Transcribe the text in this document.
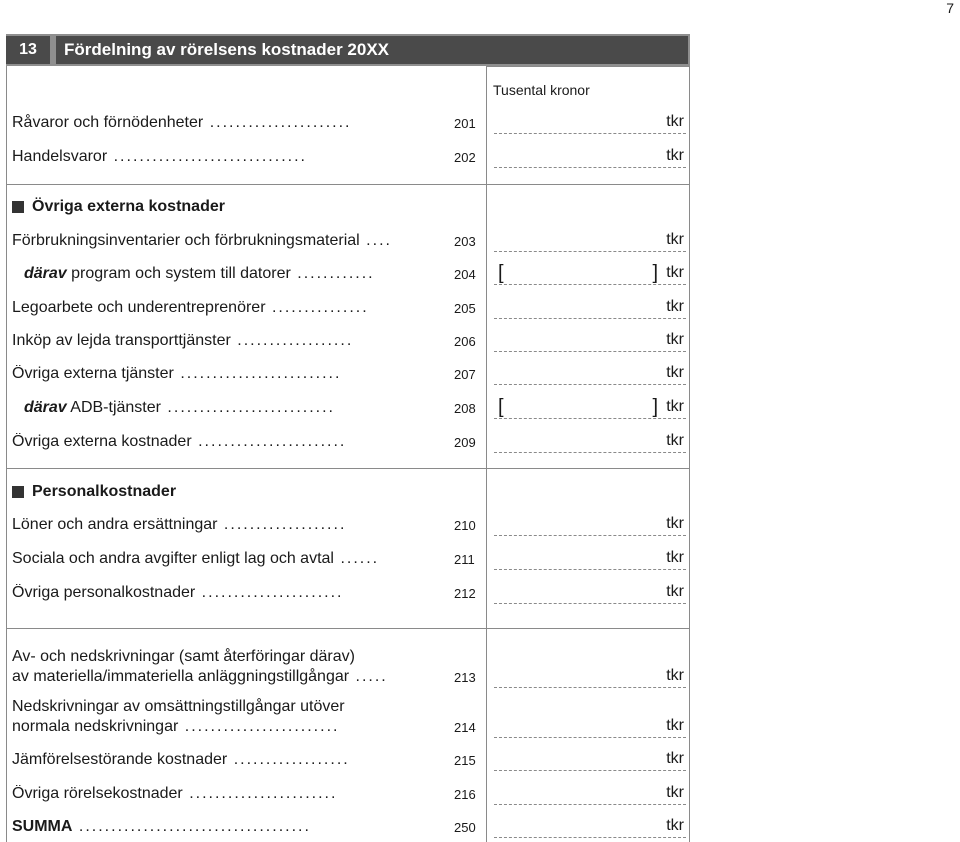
7
13	Fördelning av rörelsens kostnader 20XX
Tusental kronor
Råvaror och förnödenheter ......................	201	tkr
Handelsvaror ..............................	202	tkr
Övriga externa kostnader
Förbrukningsinventarier och förbrukningsmaterial ....	203	tkr
därav program och system till datorer ............	204 [	] tkr
Legoarbete och underentreprenörer ...............	205	tkr
Inköp av lejda transporttjänster ..................	206	tkr
Övriga externa tjänster .........................	207	tkr
därav ADB-tjänster ..........................	208 [	] tkr
Övriga externa kostnader .......................	209	tkr
Personalkostnader
Löner och andra ersättningar ...................	210	tkr
Sociala och andra avgifter enligt lag och avtal ......	211	tkr
Övriga personalkostnader ......................	212	tkr
Av- och nedskrivningar (samt återföringar därav)
av materiella/immateriella anläggningstillgångar .....	213	tkr
Nedskrivningar av omsättningstillgångar utöver
normala nedskrivningar ........................	214	tkr
Jämförelsestörande kostnader ..................	215	tkr
Övriga rörelsekostnader .......................	216	tkr
SUMMA ....................................	250	tkr
